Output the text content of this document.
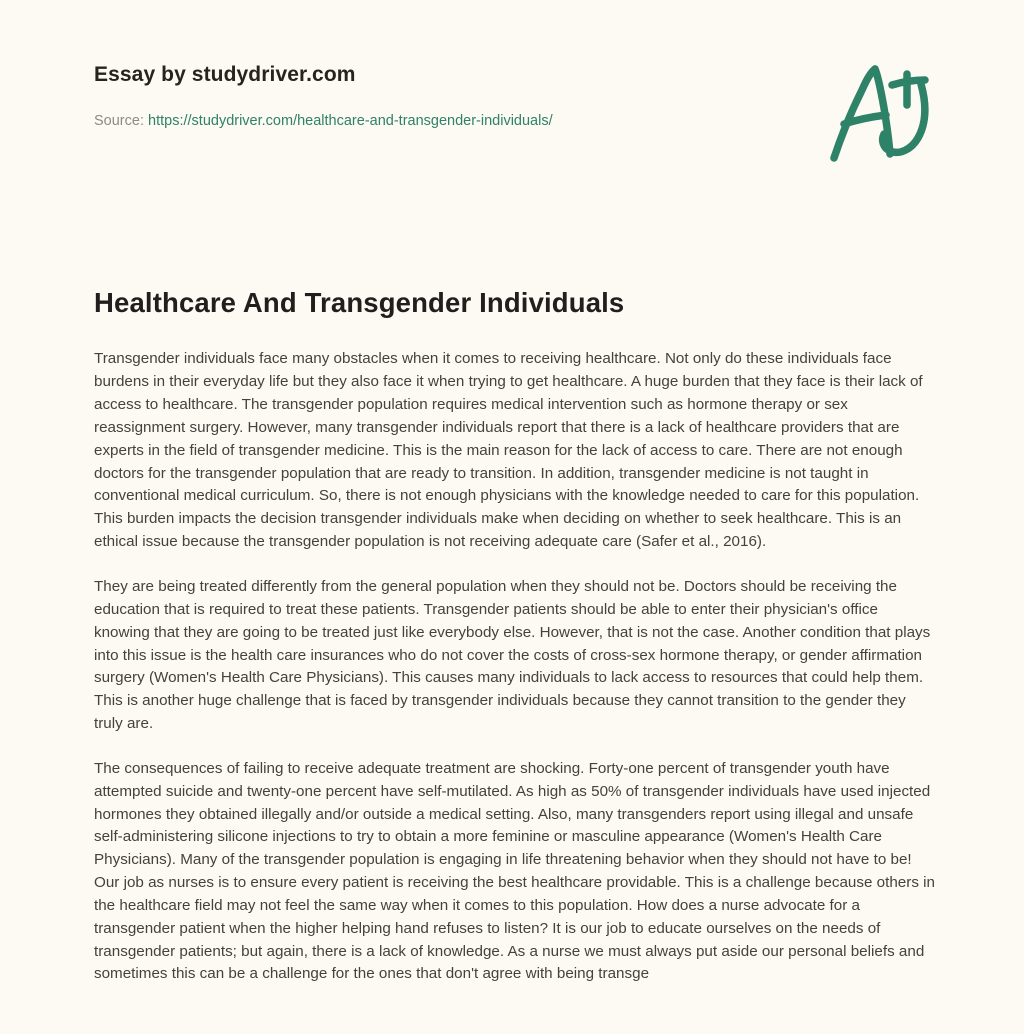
Essay by studydriver.com
Source: https://studydriver.com/healthcare-and-transgender-individuals/
Healthcare And Transgender Individuals

Transgender individuals face many obstacles when it comes to receiving healthcare. Not only do these individuals face burdens in their everyday life but they also face it when trying to get healthcare. A huge burden that they face is their lack of access to healthcare. The transgender population requires medical intervention such as hormone therapy or sex reassignment surgery. However, many transgender individuals report that there is a lack of healthcare providers that are experts in the field of transgender medicine. This is the main reason for the lack of access to care. There are not enough doctors for the transgender population that are ready to transition. In addition, transgender medicine is not taught in conventional medical curriculum. So, there is not enough physicians with the knowledge needed to care for this population. This burden impacts the decision transgender individuals make when deciding on whether to seek healthcare. This is an ethical issue because the transgender population is not receiving adequate care (Safer et al., 2016).

They are being treated differently from the general population when they should not be. Doctors should be receiving the education that is required to treat these patients. Transgender patients should be able to enter their physician's office knowing that they are going to be treated just like everybody else. However, that is not the case. Another condition that plays into this issue is the health care insurances who do not cover the costs of cross-sex hormone therapy, or gender affirmation surgery (Women's Health Care Physicians). This causes many individuals to lack access to resources that could help them. This is another huge challenge that is faced by transgender individuals because they cannot transition to the gender they truly are.

The consequences of failing to receive adequate treatment are shocking. Forty-one percent of transgender youth have attempted suicide and twenty-one percent have self-mutilated. As high as 50% of transgender individuals have used injected hormones they obtained illegally and/or outside a medical setting. Also, many transgenders report using illegal and unsafe self-administering silicone injections to try to obtain a more feminine or masculine appearance (Women's Health Care Physicians). Many of the transgender population is engaging in life threatening behavior when they should not have to be! Our job as nurses is to ensure every patient is receiving the best healthcare providable. This is a challenge because others in the healthcare field may not feel the same way when it comes to this population. How does a nurse advocate for a transgender patient when the higher helping hand refuses to listen? It is our job to educate ourselves on the needs of transgender patients; but again, there is a lack of knowledge. As a nurse we must always put aside our personal beliefs and sometimes this can be a challenge for the ones that don't agree with being transge
